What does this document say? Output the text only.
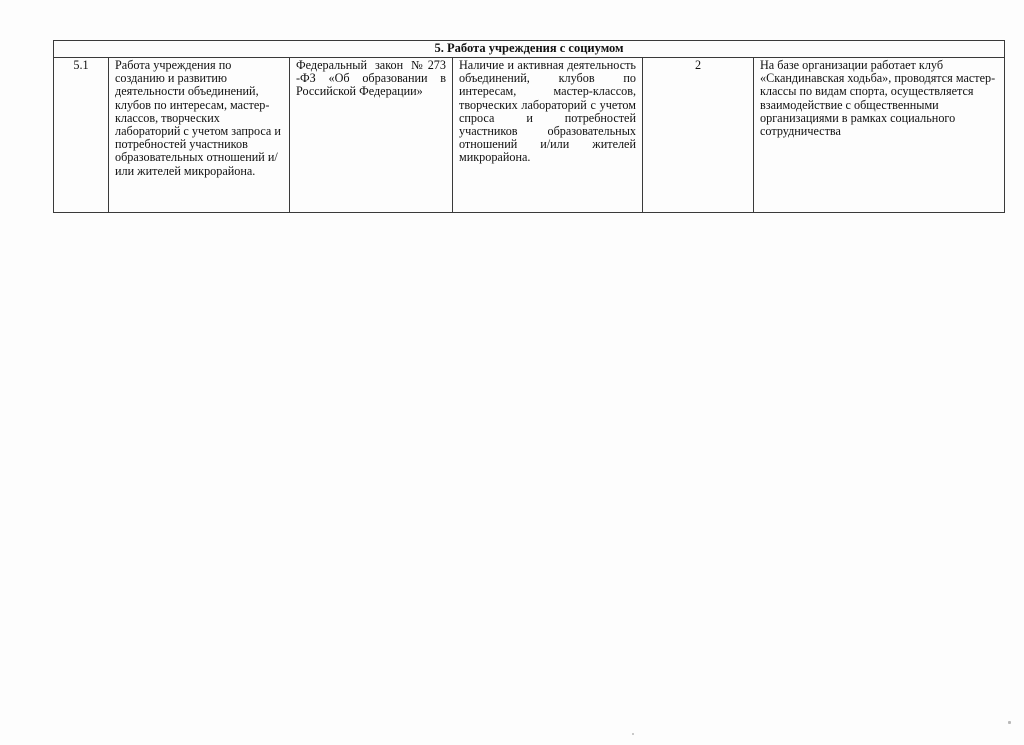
5. Работа учреждения с социумом
5.1	Работа учреждения по созданию и развитию деятельности объединений, клубов по интересам, мастер-классов, творческих лабораторий с учетом запроса и потребностей участников образовательных отношений и/или жителей микрорайона.	Федеральный закон №273 -ФЗ «Об образовании в Российской Федерации»	Наличие и активная деятельность объединений, клубов по интересам, мастер-классов, творческих лабораторий с учетом спроса и потребностей участников образовательных отношений и/или жителей микрорайона.	2	На базе организации работает клуб «Скандинавская ходьба», проводятся мастер-классы по видам спорта, осуществляется взаимодействие с общественными организациями в рамках социального сотрудничества
